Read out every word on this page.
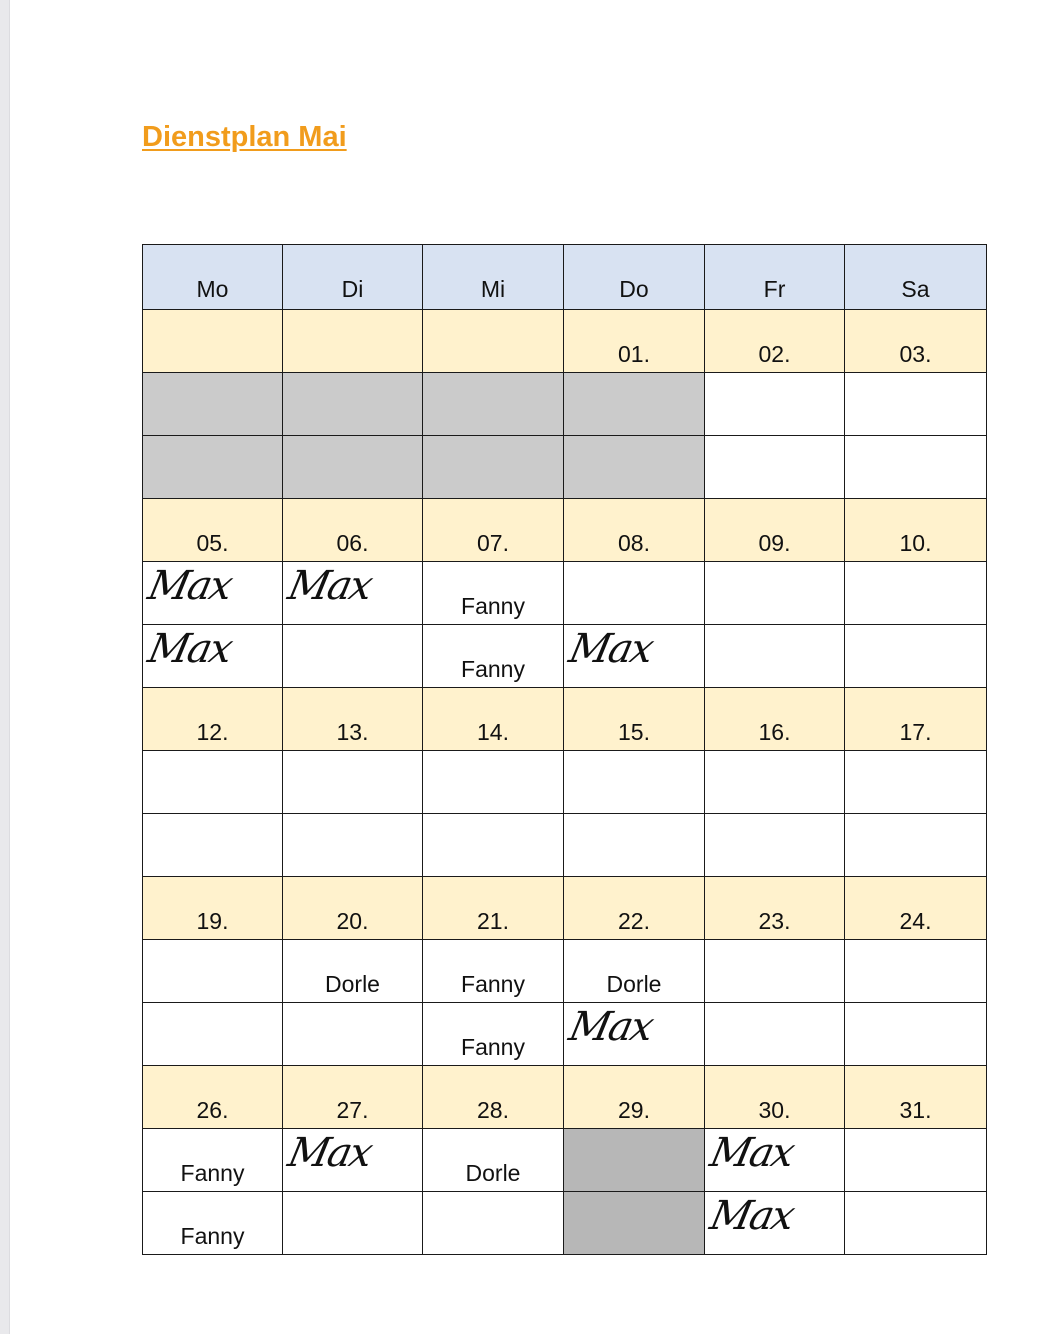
Dienstplan Mai
Mo	Di	Mi	Do	Fr	Sa
			01.	02.	03.

05.	06.	07.	08.	09.	10.

Max	Max	Fanny			

Max		Fanny	Max		

12.	13.	14.	15.	16.	17.

19.	20.	21.	22.	23.	24.
	Dorle	Fanny	Dorle		
		Fanny	Max		

26.	27.	28.	29.	30.	31.
Fanny	Max	Dorle		Max	

Fanny				Max	
